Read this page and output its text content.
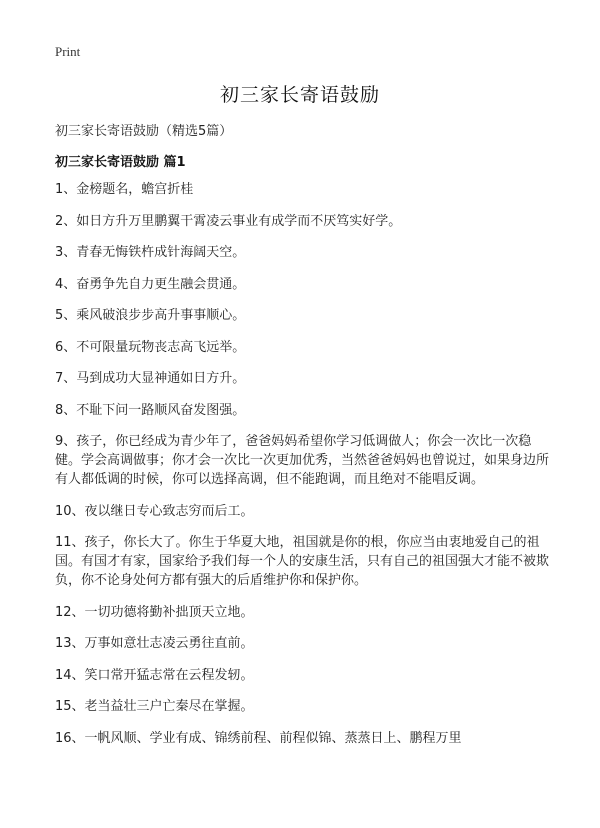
Print
初三家长寄语鼓励
初三家长寄语鼓励（精选5篇）
初三家长寄语鼓励 篇1
1、金榜题名，蟾宫折桂
2、如日方升万里鹏翼干霄凌云事业有成学而不厌笃实好学。
3、青春无悔铁杵成针海阔天空。
4、奋勇争先自力更生融会贯通。
5、乘风破浪步步高升事事顺心。
6、不可限量玩物丧志高飞远举。
7、马到成功大显神通如日方升。
8、不耻下问一路顺风奋发图强。
9、孩子，你已经成为青少年了，爸爸妈妈希望你学习低调做人；你会一次比一次稳健。学会高调做事；你才会一次比一次更加优秀，当然爸爸妈妈也曾说过，如果身边所有人都低调的时候，你可以选择高调，但不能跑调，而且绝对不能唱反调。
10、夜以继日专心致志穷而后工。
11、孩子，你长大了。你生于华夏大地，祖国就是你的根，你应当由衷地爱自己的祖国。有国才有家，国家给予我们每一个人的安康生活，只有自己的祖国强大才能不被欺负，你不论身处何方都有强大的后盾维护你和保护你。
12、一切功德将勤补拙顶天立地。
13、万事如意壮志凌云勇往直前。
14、笑口常开猛志常在云程发轫。
15、老当益壮三户亡秦尽在掌握。
16、一帆风顺、学业有成、锦绣前程、前程似锦、蒸蒸日上、鹏程万里
